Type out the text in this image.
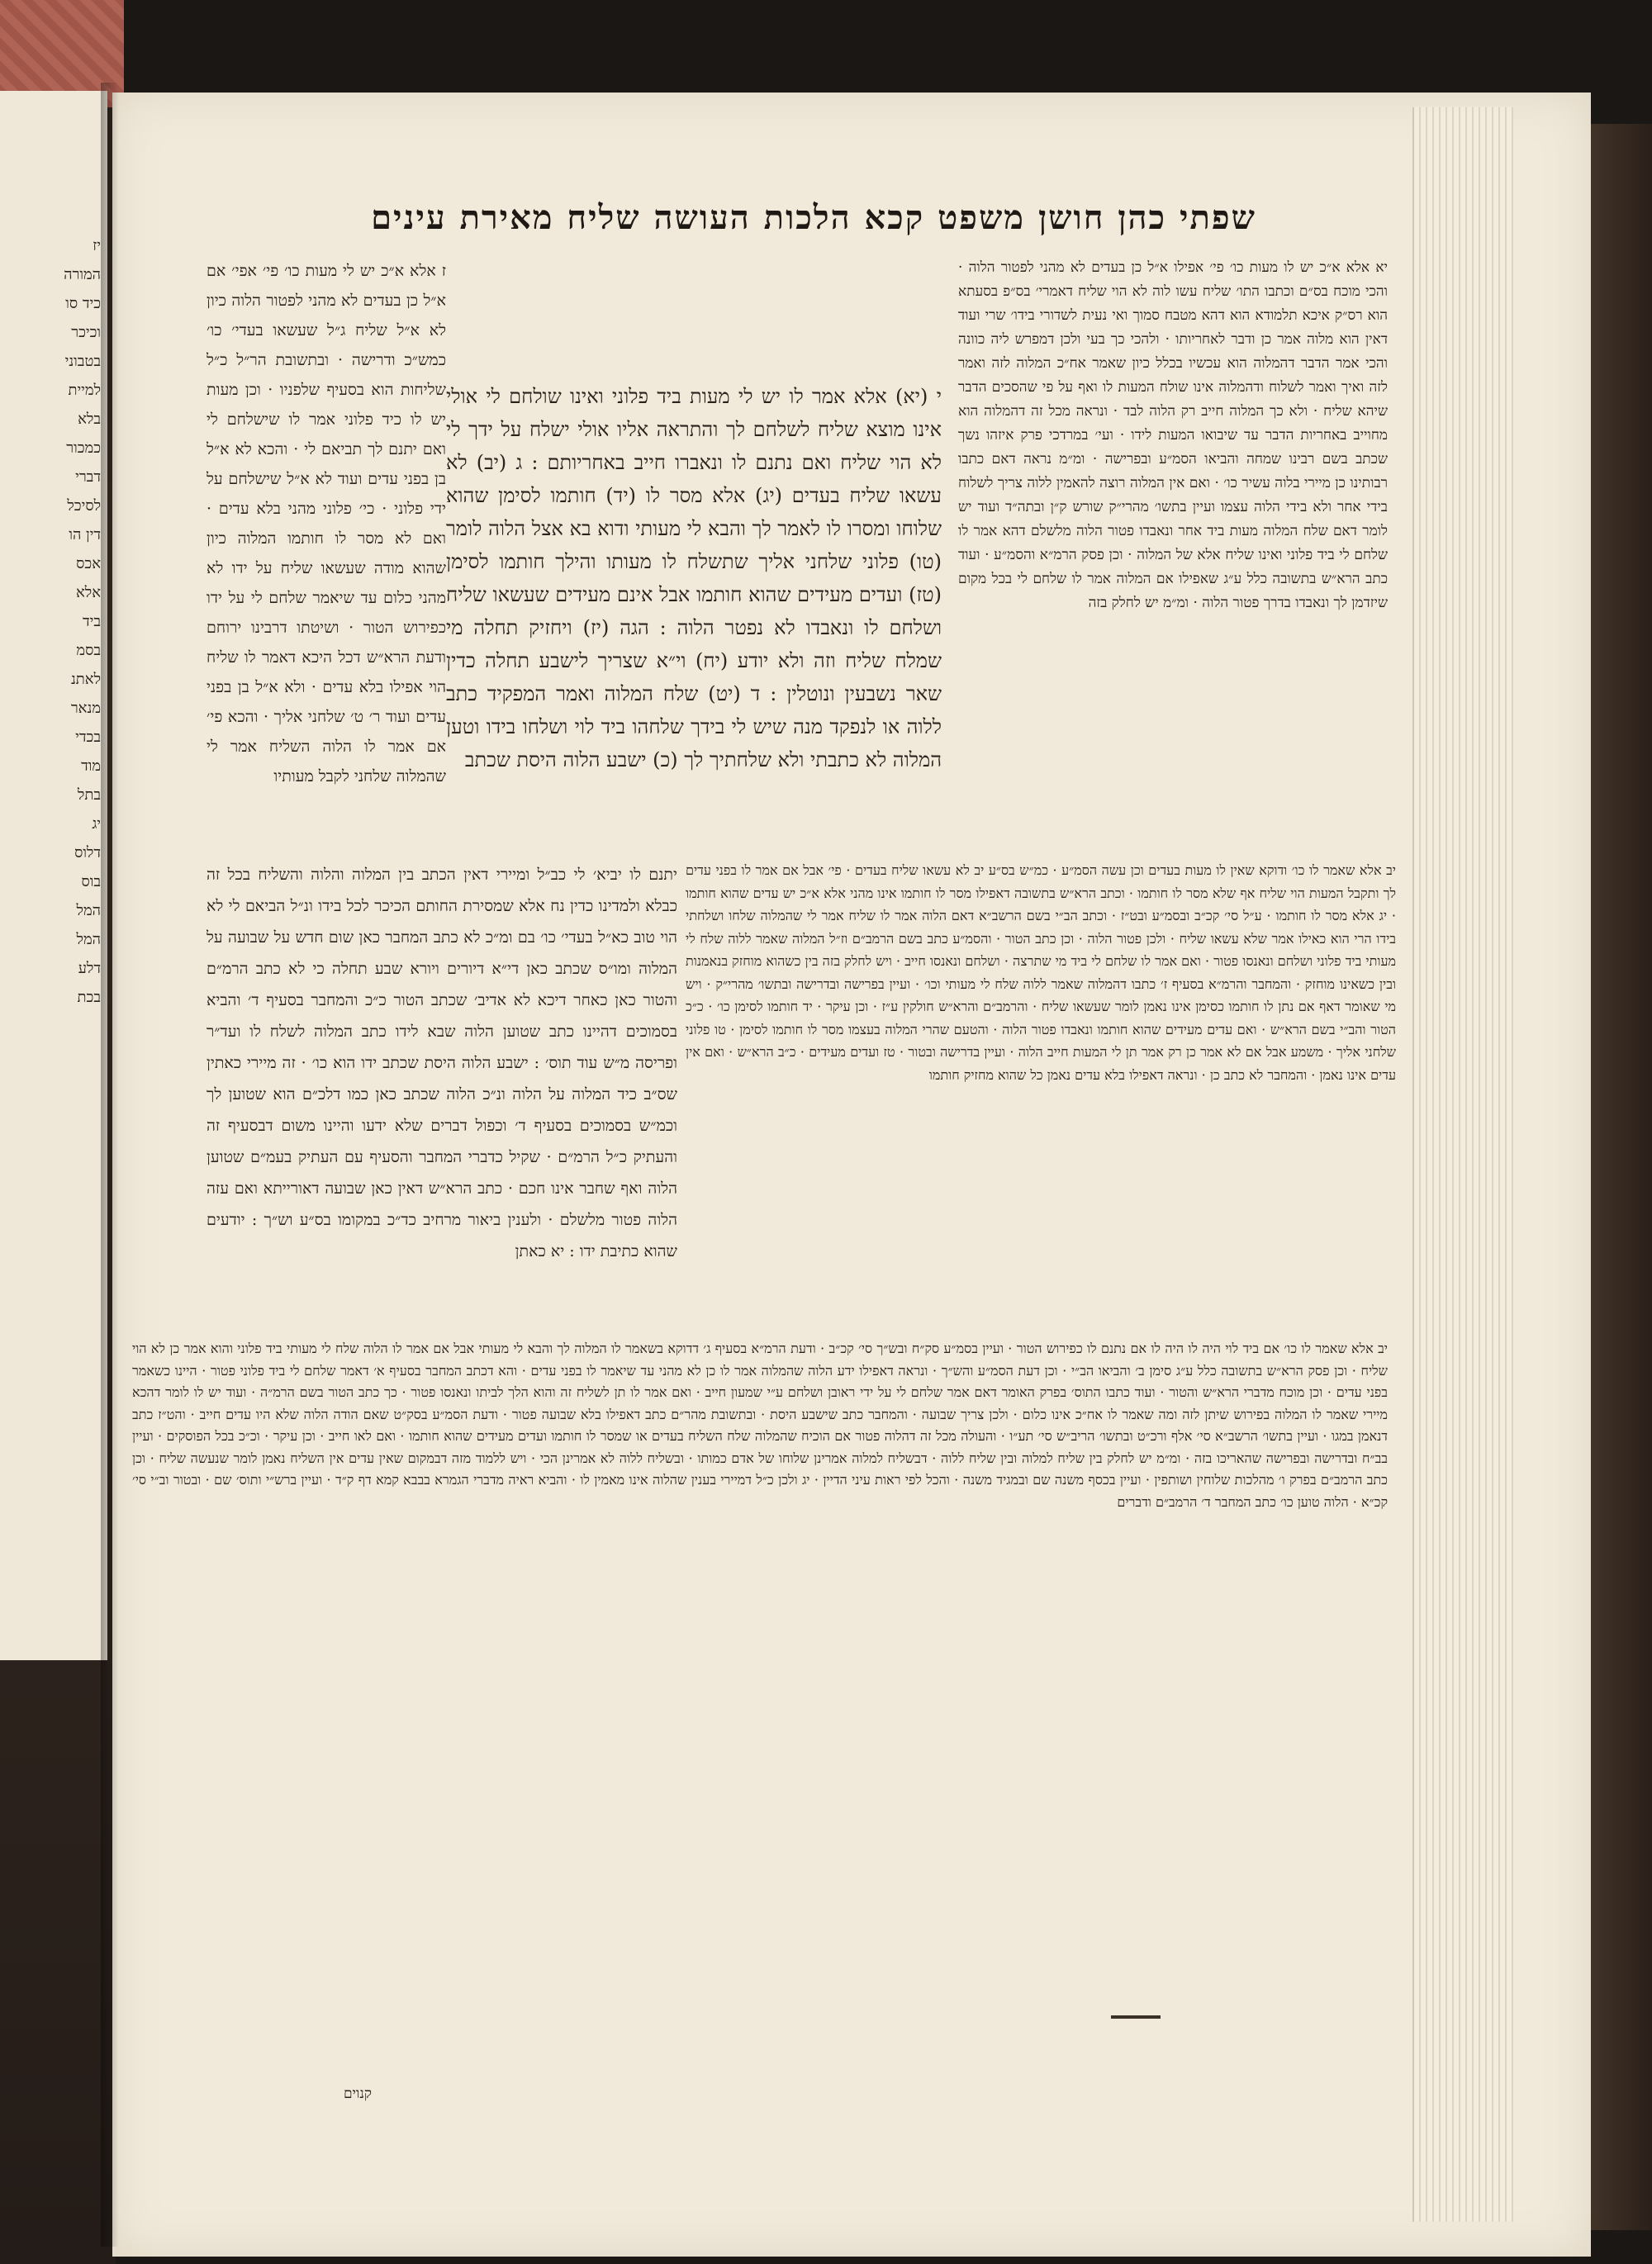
יז
המורה
כיד סו
וכיכר
בטבוני
למיית
בלא
כמכור
דברי
לסיכל
דין הו
אכס
אלא
ביד
בסמ
לאתנ
מנאר
בכדי
מוד
בתל
יג
דלוס
בוס
המל
המל
דלע
בכת
שפתי כהן חושן משפט קכא הלכות העושה שליח מאירת עינים
יא אלא א״כ יש לו מעות כו׳ פי׳ אפילו א״ל כן בעדים לא מהני לפטור הלוה · והכי מוכח בס״ם וכתבו התו׳ שליח עשו לוה לא הוי שליח דאמרי׳ בס״פ בסעתא הוא רס״ק איכא תלמודא הוא דהא מטבח סמוך ואי נעית לשדורי בידו׳ שרי ועוד דאין הוא מלוה אמר כן ודבר לאחריותו · ולהכי כך בעי ולכן דמפרש ליה כוונה והכי אמר הדבר דהמלוה הוא עכשיו בכלל כיון שאמר אח״כ המלוה לזה ואמר לזה ואיך ואמר לשלוח ודהמלוה אינו שולח המעות לו ואף על פי שהסכים הדבר שיהא שליח · ולא כך המלוה חייב רק הלוה לבד · ונראה מכל זה דהמלוה הוא מחוייב באחריות הדבר עד שיבואו המעות לידו · ועי׳ במרדכי פרק איזהו נשך שכתב בשם רבינו שמחה והביאו הסמ״ע ובפרישה · ומ״מ נראה דאם כתבו רבותינו כן מיירי בלוה עשיר כו׳ · ואם אין המלוה רוצה להאמין ללוה צריך לשלוח בידי אחר ולא בידי הלוה עצמו ועיין בתשו׳ מהרי״ק שורש ק״ן ובתה״ד ועוד יש לומר דאם שלח המלוה מעות ביד אחר ונאבדו פטור הלוה מלשלם דהא אמר לו שלחם לי ביד פלוני ואינו שליח אלא של המלוה · וכן פסק הרמ״א והסמ״ע · ועוד כתב הרא״ש בתשובה כלל ע״ג שאפילו אם המלוה אמר לו שלחם לי בכל מקום שיזדמן לך ונאבדו בדרך פטור הלוה · ומ״מ יש לחלק בזה
י (יא) אלא אמר לו יש לי מעות ביד פלוני ואינו שולחם לי אולי אינו מוצא שליח לשלחם לך והתראה אליו אולי ישלח על ידך לי לא הוי שליח ואם נתנם לו ונאברו חייב באחריותם : ג (יב) לא עשאו שליח בעדים (יג) אלא מסר לו (יד) חותמו לסימן שהוא שלוחו ומסרו לו לאמר לך והבא לי מעותי ודוא בא אצל הלוה לומר (טו) פלוני שלחני אליך שתשלח לו מעותו והילך חותמו לסימן (טז) ועדים מעידים שהוא חותמו אבל אינם מעידים שעשאו שליח ושלחם לו ונאבדו לא נפטר הלוה : הגה (יז) ויחזיק תחלה מי שמלח שליח וזה ולא יודע (יח) וי״א שצריך לישבע תחלה כדין שאר נשבעין ונוטלין : ד (יט) שלח המלוה ואמר המפקיד כתב ללוה או לנפקד מנה שיש לי בידך שלחהו ביד לוי ושלחו בידו וטען המלוה לא כתבתי ולא שלחתיך לך (כ) ישבע הלוה היסת שכתב
ז אלא א״כ יש לי מעות כו׳ פי׳ אפי׳ אם א״ל כן בעדים לא מהני לפטור הלוה כיון לא א״ל שליח ג״ל שעשאו בעדי׳ כו׳ כמש״כ ודרישה · ובתשובת הר״ל כ״ל שליחות הוא בסעיף שלפניו · וכן מעות יש לו כיד פלוני אמר לו שישלחם לי ואם יתנם לך תביאם לי · והכא לא א״ל בן בפני עדים ועוד לא א״ל שישלחם על ידי פלוני · כי׳ פלוני מהני בלא עדים · ואם לא מסר לו חותמו המלוה כיון שהוא מודה שעשאו שליח על ידו לא מהני כלום עד שיאמר שלחם לי על ידו כפירוש הטור · ושיטתו דרבינו ירוחם ודעת הרא״ש דכל היכא דאמר לו שליח הוי אפילו בלא עדים · ולא א״ל בן בפני עדים ועוד ר׳ ט׳ שלחני אליך · והכא פי׳ אם אמר לו הלוה השליח אמר לי שהמלוה שלחני לקבל מעותיו
יב אלא שאמר לו כו׳ ודוקא שאין לו מעות בעדים וכן עשה הסמ״ע · כמ״ש בס״ע יב לא עשאו שליח בעדים · פי׳ אבל אם אמר לו בפני עדים לך ותקבל המעות הוי שליח אף שלא מסר לו חותמו · וכתב הרא״ש בתשובה דאפילו מסר לו חותמו אינו מהני אלא א״כ יש עדים שהוא חותמו · יג אלא מסר לו חותמו · ע״ל סי׳ קכ״ב ובסמ״ע ובט״ז · וכתב הב״י בשם הרשב״א דאם הלוה אמר לו שליח אמר לי שהמלוה שלחו ושלחתי בידו הרי הוא כאילו אמר שלא עשאו שליח · ולכן פטור הלוה · וכן כתב הטור · והסמ״ע כתב בשם הרמב״ם וז״ל המלוה שאמר ללוה שלח לי מעותי ביד פלוני ושלחם ונאנסו פטור · ואם אמר לו שלחם לי ביד מי שתרצה · ושלחם ונאנסו חייב · ויש לחלק בזה בין כשהוא מוחזק בנאמנות ובין כשאינו מוחזק · והמחבר והרמ״א בסעיף ז׳ כתבו דהמלוה שאמר ללוה שלח לי מעותי וכו׳ · ועיין בפרישה ובדרישה ובתשו׳ מהרי״ק · ויש מי שאומר דאף אם נתן לו חותמו כסימן אינו נאמן לומר שעשאו שליח · והרמב״ם והרא״ש חולקין ע״ז · וכן עיקר · יד חותמו לסימן כו׳ · כ״כ הטור והב״י בשם הרא״ש · ואם עדים מעידים שהוא חותמו ונאבדו פטור הלוה · והטעם שהרי המלוה בעצמו מסר לו חותמו לסימן · טו פלוני שלחני אליך · משמע אבל אם לא אמר כן רק אמר תן לי המעות חייב הלוה · ועיין בדרישה ובטור · טז ועדים מעידים · כ״ב הרא״ש · ואם אין עדים אינו נאמן · והמחבר לא כתב כן · ונראה דאפילו בלא עדים נאמן כל שהוא מחזיק חותמו
יתנם לו יביא׳ לי כב״ל ומיירי דאין הכתב בין המלוה והלוה והשליח בכל זה כבלא ולמדינו כדין נח אלא שמסירת החותם הכיכר לכל בידו ונ״ל הביאם לי לא הוי טוב כא״ל בעדי׳ כו׳ בם ומ״כ לא כתב המחבר כאן שום חדש על שבועה על המלוה ומו״ס שכתב כאן די״א דיורים ויורא שבע תחלה כי לא כתב הרמ״ם והטור כאן כאחר דיכא לא אדיב׳ שכתב הטור כ״כ והמחבר בסעיף ד׳ והביא בסמוכים דהיינו כתב שטוען הלוה שבא לידו כתב המלוה לשלח לו ועד״ר ופריסה מ״ש עוד תוס׳ : ישבע הלוה היסת שכתב ידו הוא כו׳ · זה מיירי כאתין שס״ב כיד המלוה על הלוה ונ״כ הלוה שכתב כאן כמו דלכ״ם הוא שטוען לך וכמ״ש בסמוכים בסעיף ד׳ וכפול דברים שלא ידעו והיינו משום דבסעיף זה והעתיק כ״ל הרמ״ם · שקיל כדברי המחבר והסעיף עם העתיק בעמ״ם שטוען הלוה ואף שחבר אינו חכם · כתב הרא״ש דאין כאן שבועה דאורייתא ואם עזה הלוה פטור מלשלם · ולענין ביאור מרחיב כד״כ במקומו בס״ע וש״ך : יודעים שהוא כתיבת ידו : יא כאתן
יב אלא שאמר לו כו׳ אם ביד לוי היה לו היה לו אם נתנם לו כפירוש הטור · ועיין בסמ״ע סק״ח ובש״ך סי׳ קכ״ב · ודעת הרמ״א בסעיף ג׳ דדוקא בשאמר לו המלוה לך והבא לי מעותי אבל אם אמר לו הלוה שלח לי מעותי ביד פלוני והוא אמר כן לא הוי שליח · וכן פסק הרא״ש בתשובה כלל ע״ג סימן ב׳ והביאו הב״י · וכן דעת הסמ״ע והש״ך · ונראה דאפילו ידע הלוה שהמלוה אמר לו כן לא מהני עד שיאמר לו בפני עדים · והא דכתב המחבר בסעיף א׳ דאמר שלחם לי ביד פלוני פטור · היינו כשאמר בפני עדים · וכן מוכח מדברי הרא״ש והטור · ועוד כתבו התוס׳ בפרק האומר דאם אמר שלחם לי על ידי ראובן ושלחם ע״י שמעון חייב · ואם אמר לו תן לשליח זה והוא הלך לביתו ונאנסו פטור · כך כתב הטור בשם הרמ״ה · ועוד יש לו לומר דהכא מיירי שאמר לו המלוה בפירוש שיתן לזה ומה שאמר לו אח״כ אינו כלום · ולכן צריך שבועה · והמחבר כתב שישבע היסת · ובתשובת מהר״ם כתב דאפילו בלא שבועה פטור · ודעת הסמ״ע בסק״ט שאם הודה הלוה שלא היו עדים חייב · והט״ז כתב דנאמן במגו · ועיין בתשו׳ הרשב״א סי׳ אלף ורכ״ט ובתשו׳ הריב״ש סי׳ תע״ו · והעולה מכל זה דהלוה פטור אם הוכיח שהמלוה שלח השליח בעדים או שמסר לו חותמו ועדים מעידים שהוא חותמו · ואם לאו חייב · וכן עיקר · וכ״כ בכל הפוסקים · ועיין בב״ח ובדרישה ובפרישה שהאריכו בזה · ומ״מ יש לחלק בין שליח למלוה ובין שליח ללוה · דבשליח למלוה אמרינן שלוחו של אדם כמותו · ובשליח ללוה לא אמרינן הכי · ויש ללמוד מזה דבמקום שאין עדים אין השליח נאמן לומר שנעשה שליח · וכן כתב הרמב״ם בפרק ו׳ מהלכות שלוחין ושותפין · ועיין בכסף משנה שם ובמגיד משנה · והכל לפי ראות עיני הדיין · יג ולכן כ״ל דמיירי בענין שהלוה אינו מאמין לו · והביא ראיה מדברי הגמרא בבבא קמא דף ק״ד · ועיין ברש״י ותוס׳ שם · ובטור וב״י סי׳ קכ״א · הלוה טוען כו׳ כתב המחבר ד׳ הרמב״ם ודברים
קנוים
